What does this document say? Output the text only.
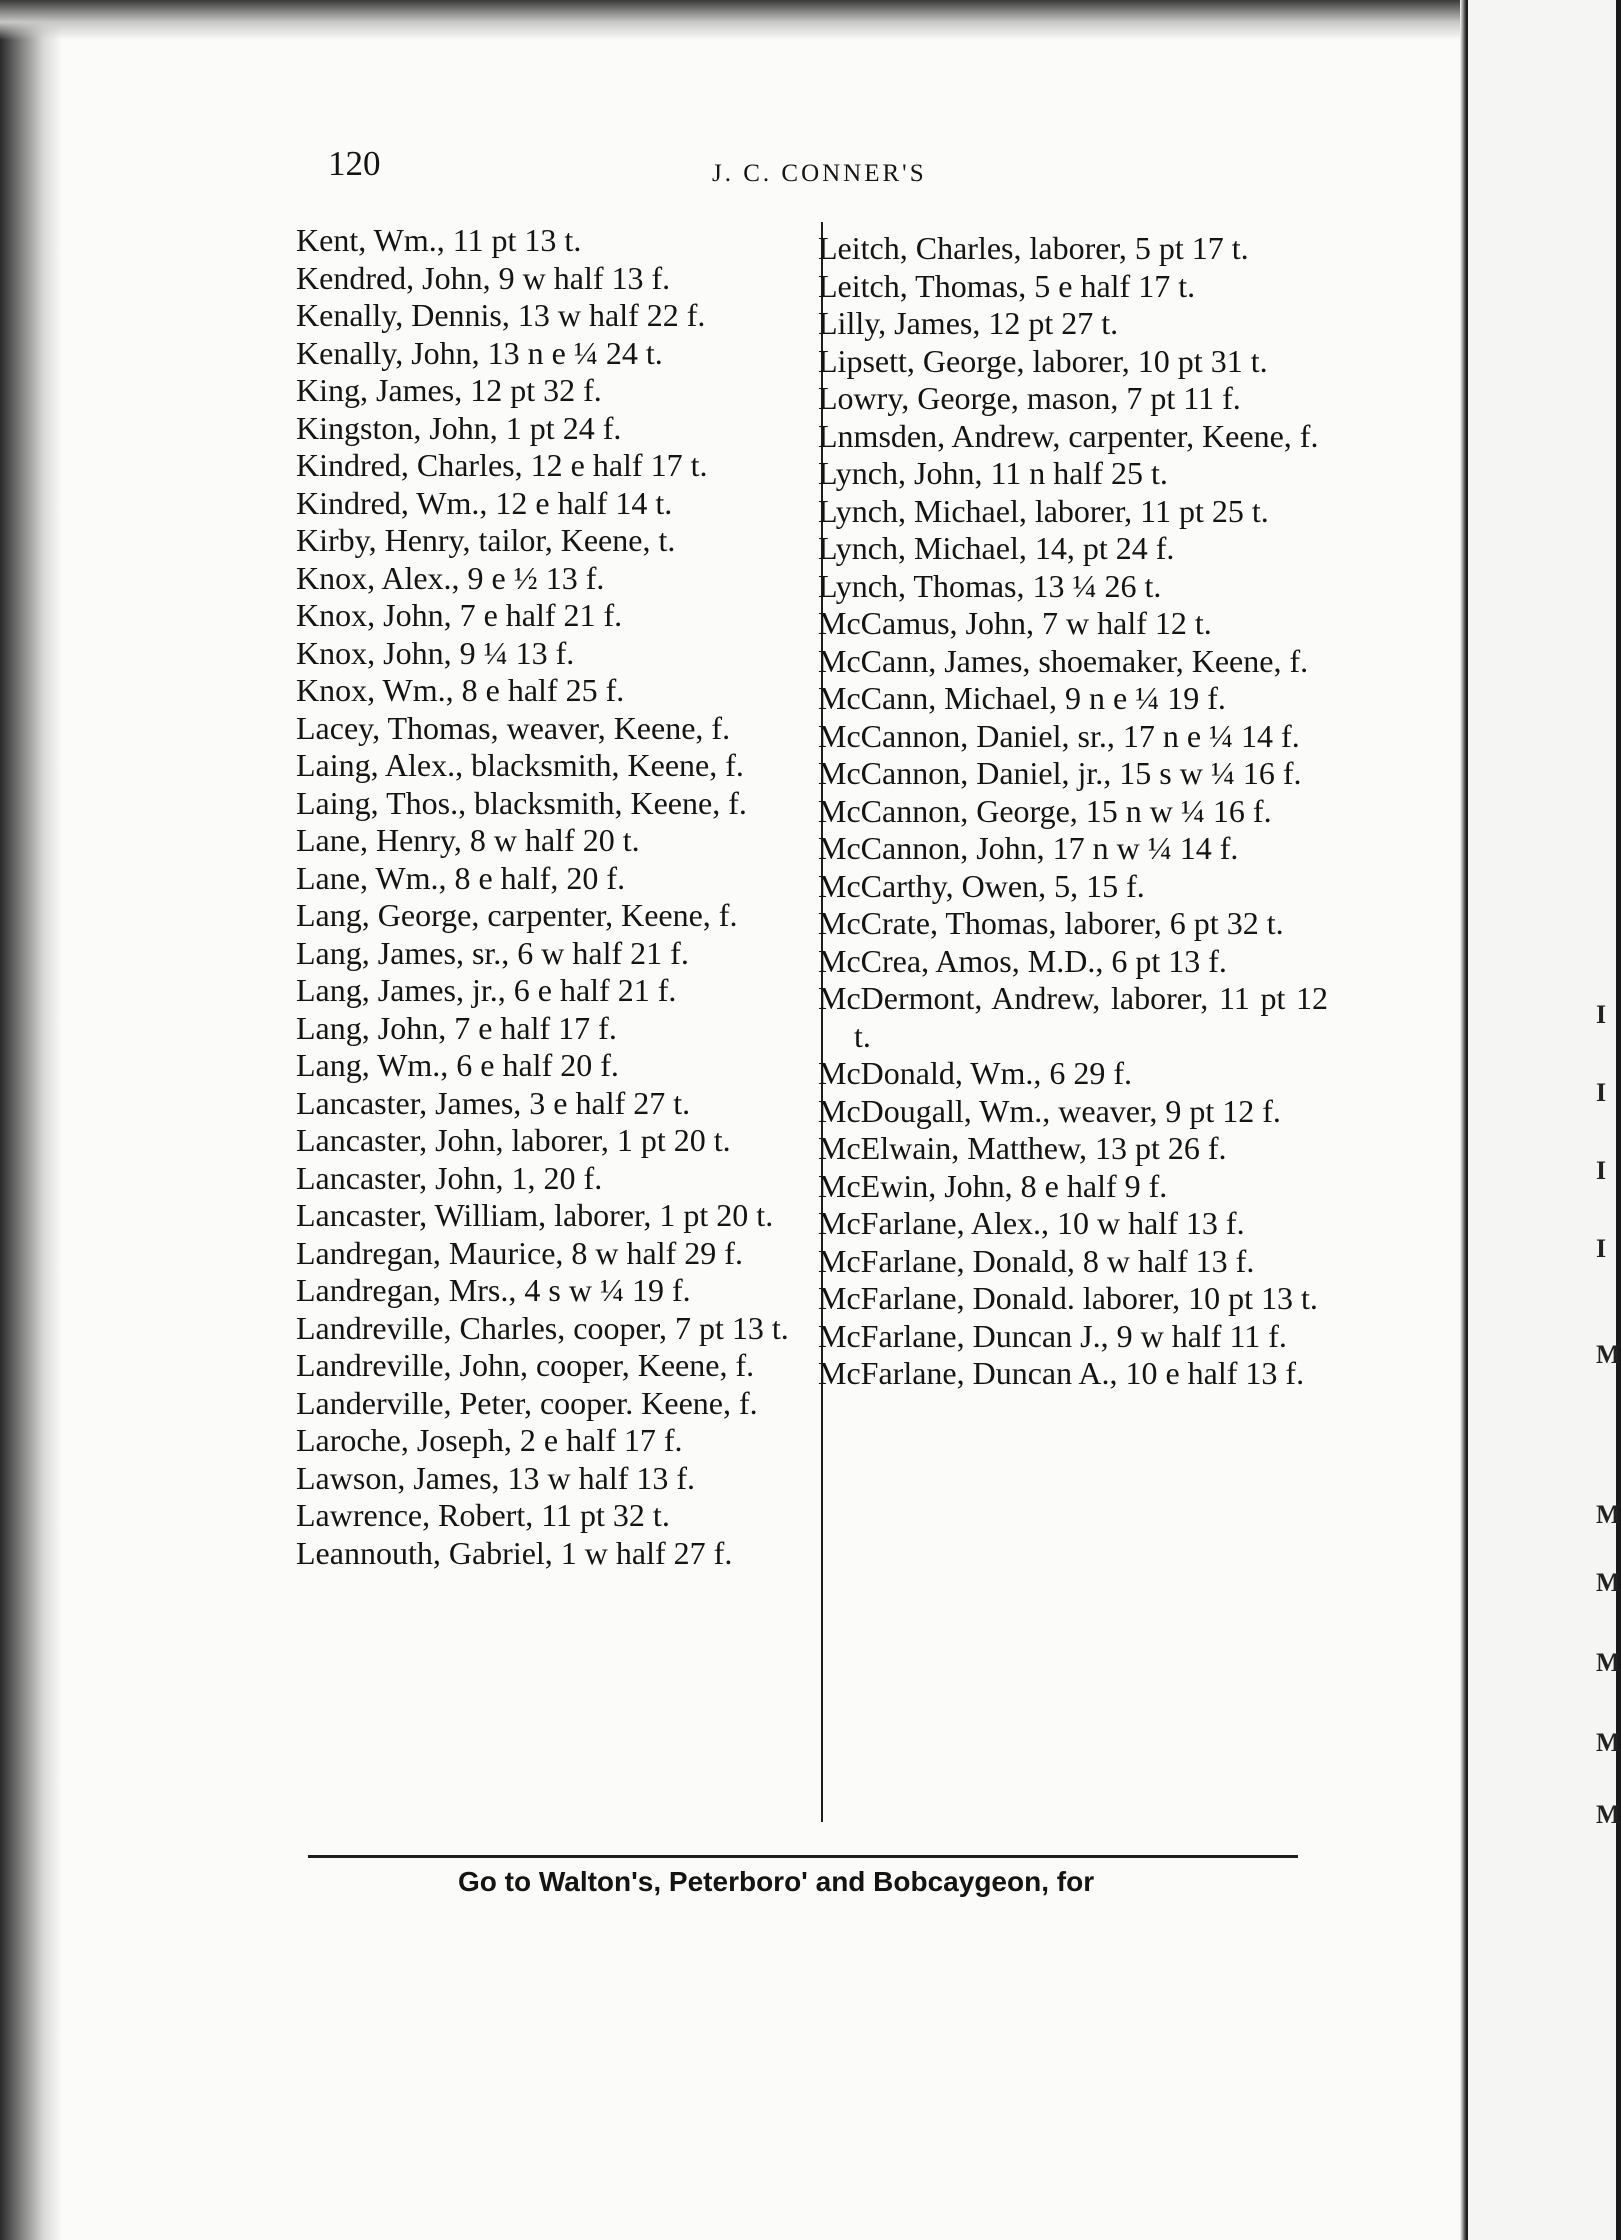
120	J. C. CONNER'S
Kent, Wm., 11 pt 13 t.
Kendred, John, 9 w half 13 f.
Kenally, Dennis, 13 w half 22 f.
Kenally, John, 13 n e ¼ 24 t.
King, James, 12 pt 32 f.
Kingston, John, 1 pt 24 f.
Kindred, Charles, 12 e half 17 t.
Kindred, Wm., 12 e half 14 t.
Kirby, Henry, tailor, Keene, t.
Knox, Alex., 9 e ½ 13 f.
Knox, John, 7 e half 21 f.
Knox, John, 9 ¼ 13 f.
Knox, Wm., 8 e half 25 f.
Lacey, Thomas, weaver, Keene, f.
Laing, Alex., blacksmith, Keene, f.
Laing, Thos., blacksmith, Keene, f.
Lane, Henry, 8 w half 20 t.
Lane, Wm., 8 e half, 20 f.
Lang, George, carpenter, Keene, f.
Lang, James, sr., 6 w half 21 f.
Lang, James, jr., 6 e half 21 f.
Lang, John, 7 e half 17 f.
Lang, Wm., 6 e half 20 f.
Lancaster, James, 3 e half 27 t.
Lancaster, John, laborer, 1 pt 20 t.
Lancaster, John, 1, 20 f.
Lancaster, William, laborer, 1 pt 20 t.
Landregan, Maurice, 8 w half 29 f.
Landregan, Mrs., 4 s w ¼ 19 f.
Landreville, Charles, cooper, 7 pt 13 t.
Landreville, John, cooper, Keene, f.
Landerville, Peter, cooper. Keene, f.
Laroche, Joseph, 2 e half 17 f.
Lawson, James, 13 w half 13 f.
Lawrence, Robert, 11 pt 32 t.
Leannouth, Gabriel, 1 w half 27 f.
Leitch, Charles, laborer, 5 pt 17 t.
Leitch, Thomas, 5 e half 17 t.
Lilly, James, 12 pt 27 t.
Lipsett, George, laborer, 10 pt 31 t.
Lowry, George, mason, 7 pt 11 f.
Lnmsden, Andrew, carpenter, Keene, f.
Lynch, John, 11 n half 25 t.
Lynch, Michael, laborer, 11 pt 25 t.
Lynch, Michael, 14, pt 24 f.
Lynch, Thomas, 13 ¼ 26 t.
McCamus, John, 7 w half 12 t.
McCann, James, shoemaker, Keene, f.
McCann, Michael, 9 n e ¼ 19 f.
McCannon, Daniel, sr., 17 n e ¼ 14 f.
McCannon, Daniel, jr., 15 s w ¼ 16 f.
McCannon, George, 15 n w ¼ 16 f.
McCannon, John, 17 n w ¼ 14 f.
McCarthy, Owen, 5, 15 f.
McCrate, Thomas, laborer, 6 pt 32 t.
McCrea, Amos, M.D., 6 pt 13 f.
McDermont, Andrew, laborer, 11 pt 12 t.
McDonald, Wm., 6 29 f.
McDougall, Wm., weaver, 9 pt 12 f.
McElwain, Matthew, 13 pt 26 f.
McEwin, John, 8 e half 9 f.
McFarlane, Alex., 10 w half 13 f.
McFarlane, Donald, 8 w half 13 f.
McFarlane, Donald. laborer, 10 pt 13 t.
McFarlane, Duncan J., 9 w half 11 f.
McFarlane, Duncan A., 10 e half 13 f.
Go to Walton's, Peterboro' and Bobcaygeon, for
I
I
I
I
M
M
M
M
M
M
